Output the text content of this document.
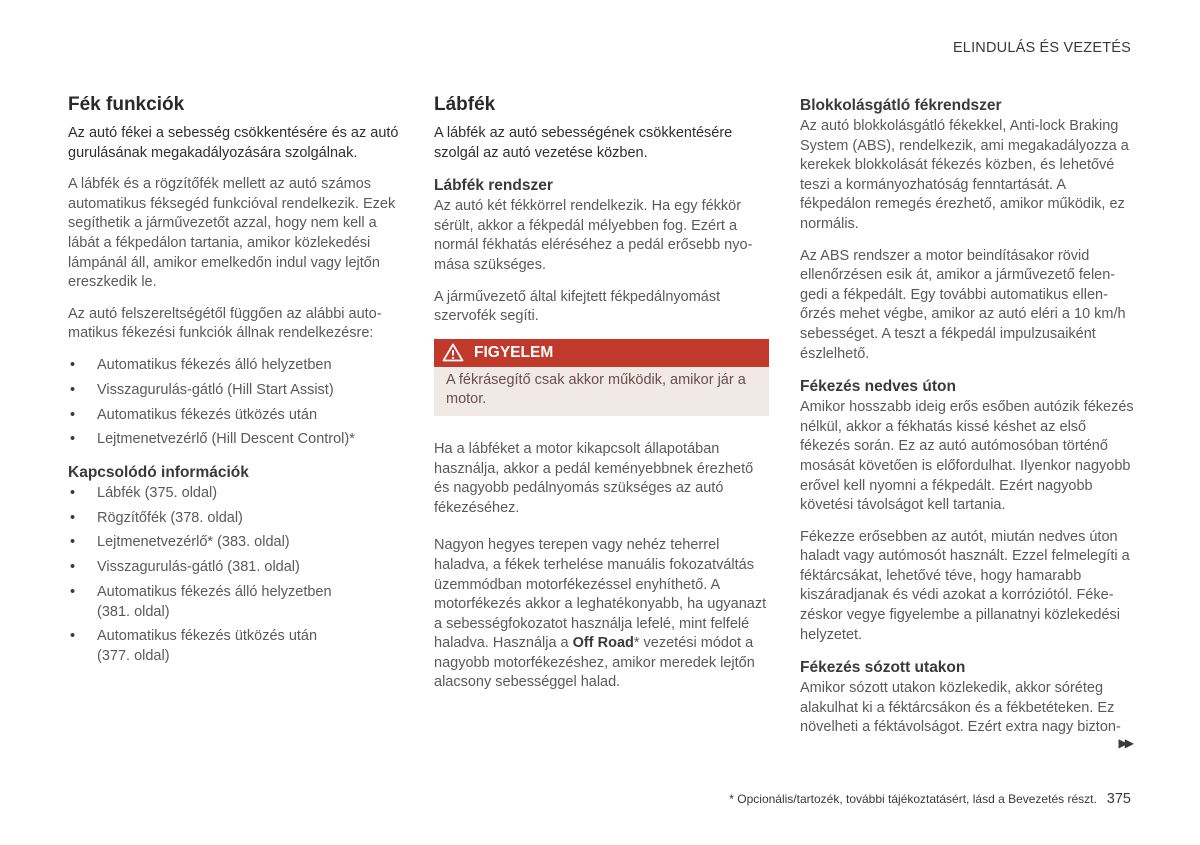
ELINDULÁS ÉS VEZETÉS
Fék funkciók

Az autó fékei a sebesség csökkentésére és az autó gurulásának megakadályozására szolgálnak.

A lábfék és a rögzítőfék mellett az autó számos automatikus féksegéd funkcióval rendelkezik. Ezek segíthetik a járművezetőt azzal, hogy nem kell a lábát a fékpedálon tartania, amikor közlekedési lámpánál áll, amikor emelkedőn indul vagy lejtőn ereszkedik le.

Az autó felszereltségétől függően az alábbi automatikus fékezési funkciók állnak rendelkezésre:

• Automatikus fékezés álló helyzetben
• Visszagurulás-gátló (Hill Start Assist)
• Automatikus fékezés ütközés után
• Lejtmenetvezérlő (Hill Descent Control)*
Kapcsolódó információk
• Lábfék (375. oldal)
• Rögzítőfék (378. oldal)
• Lejtmenetvezérlő* (383. oldal)
• Visszagurulás-gátló (381. oldal)
• Automatikus fékezés álló helyzetben (381. oldal)
• Automatikus fékezés ütközés után (377. oldal)
Lábfék

A lábfék az autó sebességének csökkentésére szolgál az autó vezetése közben.

Lábfék rendszer

Az autó két fékkörrel rendelkezik. Ha egy fékkör sérült, akkor a fékpedál mélyebben fog. Ezért a normál fékhatás eléréséhez a pedál erősebb nyomása szükséges.

A járművezető által kifejtett fékpedálnyomást szervofék segíti.

FIGYELEM
A fékrásegítő csak akkor működik, amikor jár a motor.

Ha a lábféket a motor kikapcsolt állapotában használja, akkor a pedál keményebbnek érezhető és nagyobb pedálnyomás szükséges az autó fékezéséhez.

Nagyon hegyes terepen vagy nehéz teherrel haladva, a fékek terhelése manuális fokozatváltás üzemmódban motorfékezéssel enyhíthető. A motorfékezés akkor a leghatékonyabb, ha ugyanazt a sebességfokozatot használja lefelé, mint felfelé haladva. Használja a Off Road* vezetési módot a nagyobb motorfékezéshez, amikor meredek lejtőn alacsony sebességgel halad.

Blokkolásgátló fékrendszer

Az autó blokkolásgátló fékekkel, Anti-lock Braking System (ABS), rendelkezik, ami megakadályozza a kerekek blokkolását fékezés közben, és lehetővé teszi a kormányozhatóság fenntartását. A fékpedálon remegés érezhető, amikor működik, ez normális.

Az ABS rendszer a motor beindításakor rövid ellenőrzésen esik át, amikor a járművezető felengedi a fékpedált. Egy további automatikus ellenőrzés mehet végbe, amikor az autó eléri a 10 km/h sebességet. A teszt a fékpedál impulzusaiként észlelhető.

Fékezés nedves úton

Amikor hosszabb ideig erős esőben autózik fékezés nélkül, akkor a fékhatás kissé késhet az első fékezés során. Ez az autó autómosóban történő mosását követően is előfordulhat. Ilyenkor nagyobb erővel kell nyomni a fékpedált. Ezért nagyobb követési távolságot kell tartania.

Fékezze erősebben az autót, miután nedves úton haladt vagy autómosót használt. Ezzel felmelegíti a féktárcsákat, lehetővé téve, hogy hamarabb kiszáradjanak és védi azokat a korróziótól. Fékezéskor vegye figyelembe a pillanatnyi közlekedési helyzetet.

Fékezés sózott utakon

Amikor sózott utakon közlekedik, akkor sóréteg alakulhat ki a féktárcsákon és a fékbetéteken. Ez növelheti a féktávolságot. Ezért extra nagy bizton-

▶▶
* Opcionális/tartozék, további tájékoztatásért, lásd a Bevezetés részt. 375
